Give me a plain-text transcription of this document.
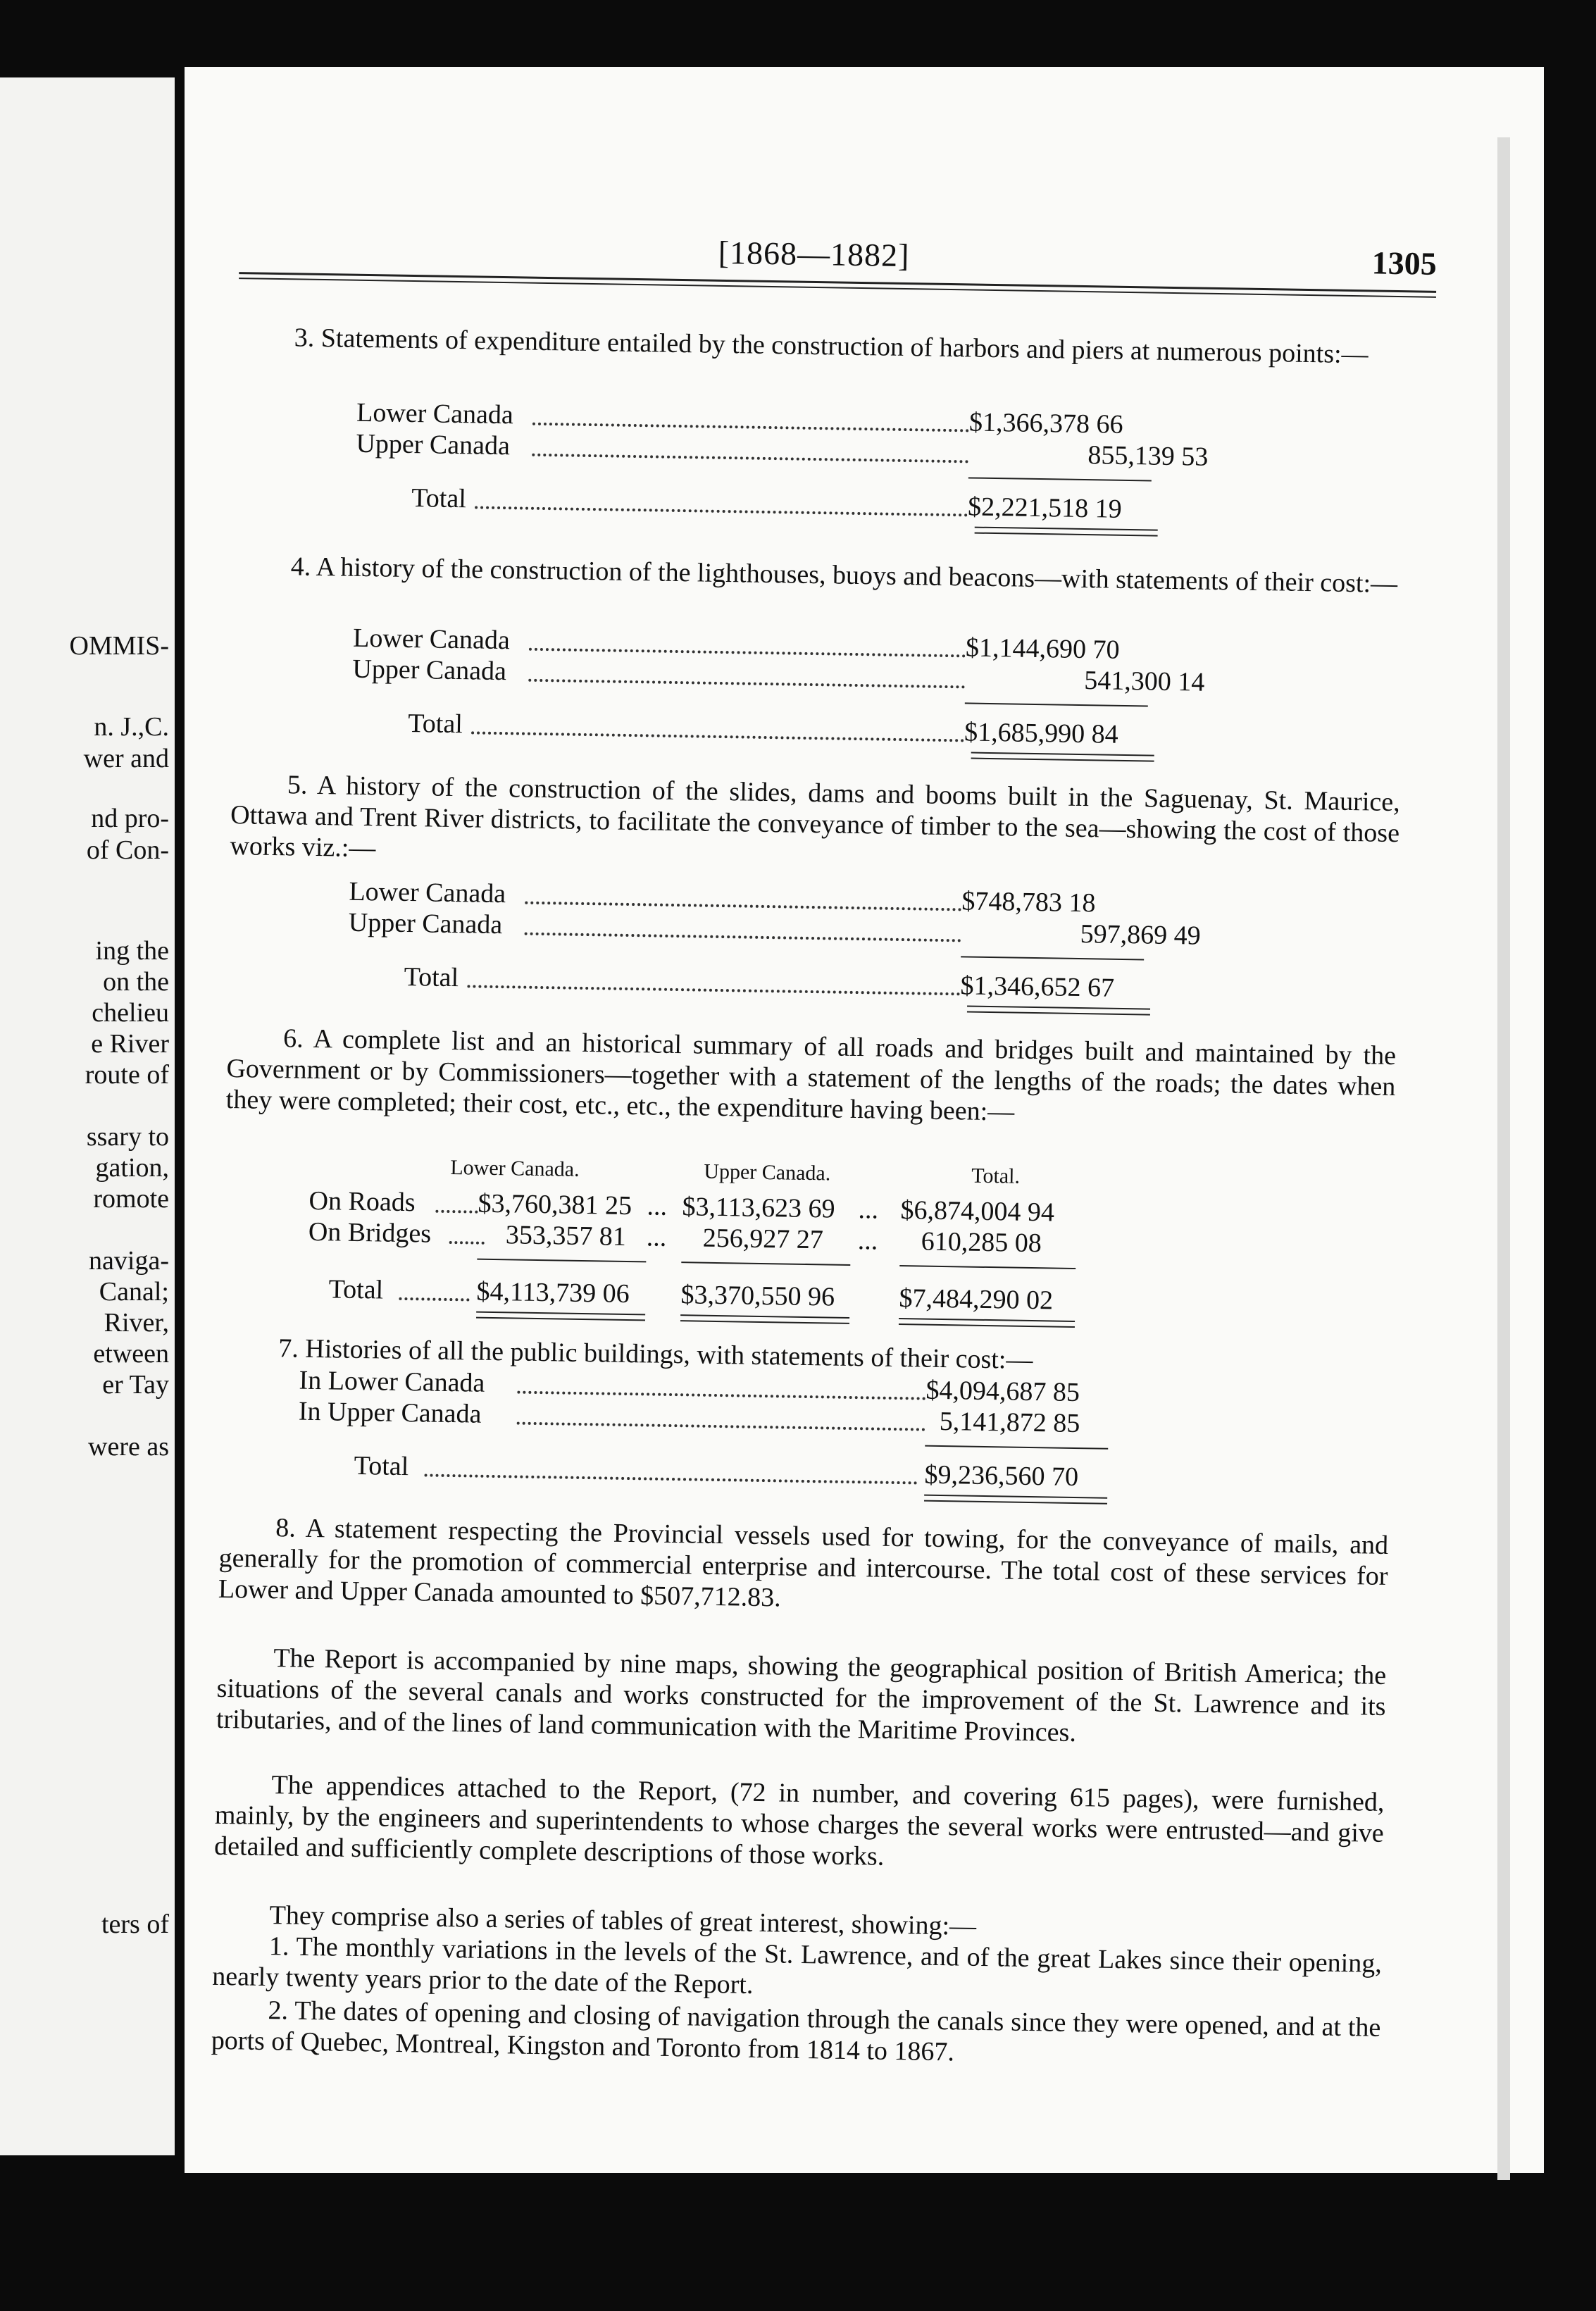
OMMIS-
n. J.,C.
wer and
nd pro-
of Con-
ing the
on the
chelieu
e River
route of
ssary to
gation,
romote
naviga-
Canal;
River,
etween
er Tay
were as
ters of
[1868—1882]	1305
3. Statements of expenditure entailed by the construction of harbors and piers at numerous points:—
Lower Canada	$1,366,378 66
Upper Canada	855,139 53
Total	$2,221,518 19
4. A history of the construction of the lighthouses, buoys and beacons—with statements of their cost:—
Lower Canada	$1,144,690 70
Upper Canada	541,300 14
Total	$1,685,990 84
5. A history of the construction of the slides, dams and booms built in the Saguenay, St. Maurice, Ottawa and Trent River districts, to facilitate the conveyance of timber to the sea—showing the cost of those works viz.:—
Lower Canada	$748,783 18
Upper Canada	597,869 49
Total	$1,346,652 67
6. A complete list and an historical summary of all roads and bridges built and maintained by the Government or by Commissioners—together with a statement of the lengths of the roads; the dates when they were completed; their cost, etc., etc., the expenditure having been:—
Lower Canada.	Upper Canada.	Total.
On Roads $3,760,381 25 ... $3,113,623 69 ... $6,874,004 94
On Bridges	353,357 81 ... 256,927 27 ... 610,285 08
Total	$4,113,739 06 $3,370,550 96 $7,484,290 02
7. Histories of all the public buildings, with statements of their cost:—
In Lower Canada	$4,094,687 85
In Upper Canada	5,141,872 85
Total	$9,236,560 70
8. A statement respecting the Provincial vessels used for towing, for the conveyance of mails, and generally for the promotion of commercial enterprise and intercourse. The total cost of these services for Lower and Upper Canada amounted to $507,712.83.
The Report is accompanied by nine maps, showing the geographical position of British America; the situations of the several canals and works constructed for the improvement of the St. Lawrence and its tributaries, and of the lines of land communication with the Maritime Provinces.
The appendices attached to the Report, (72 in number, and covering 615 pages), were furnished, mainly, by the engineers and superintendents to whose charges the several works were entrusted—and give detailed and sufficiently complete descriptions of those works.
They comprise also a series of tables of great interest, showing:—
1. The monthly variations in the levels of the St. Lawrence, and of the great Lakes since their opening, nearly twenty years prior to the date of the Report.
2. The dates of opening and closing of navigation through the canals since they were opened, and at the ports of Quebec, Montreal, Kingston and Toronto from 1814 to 1867.
